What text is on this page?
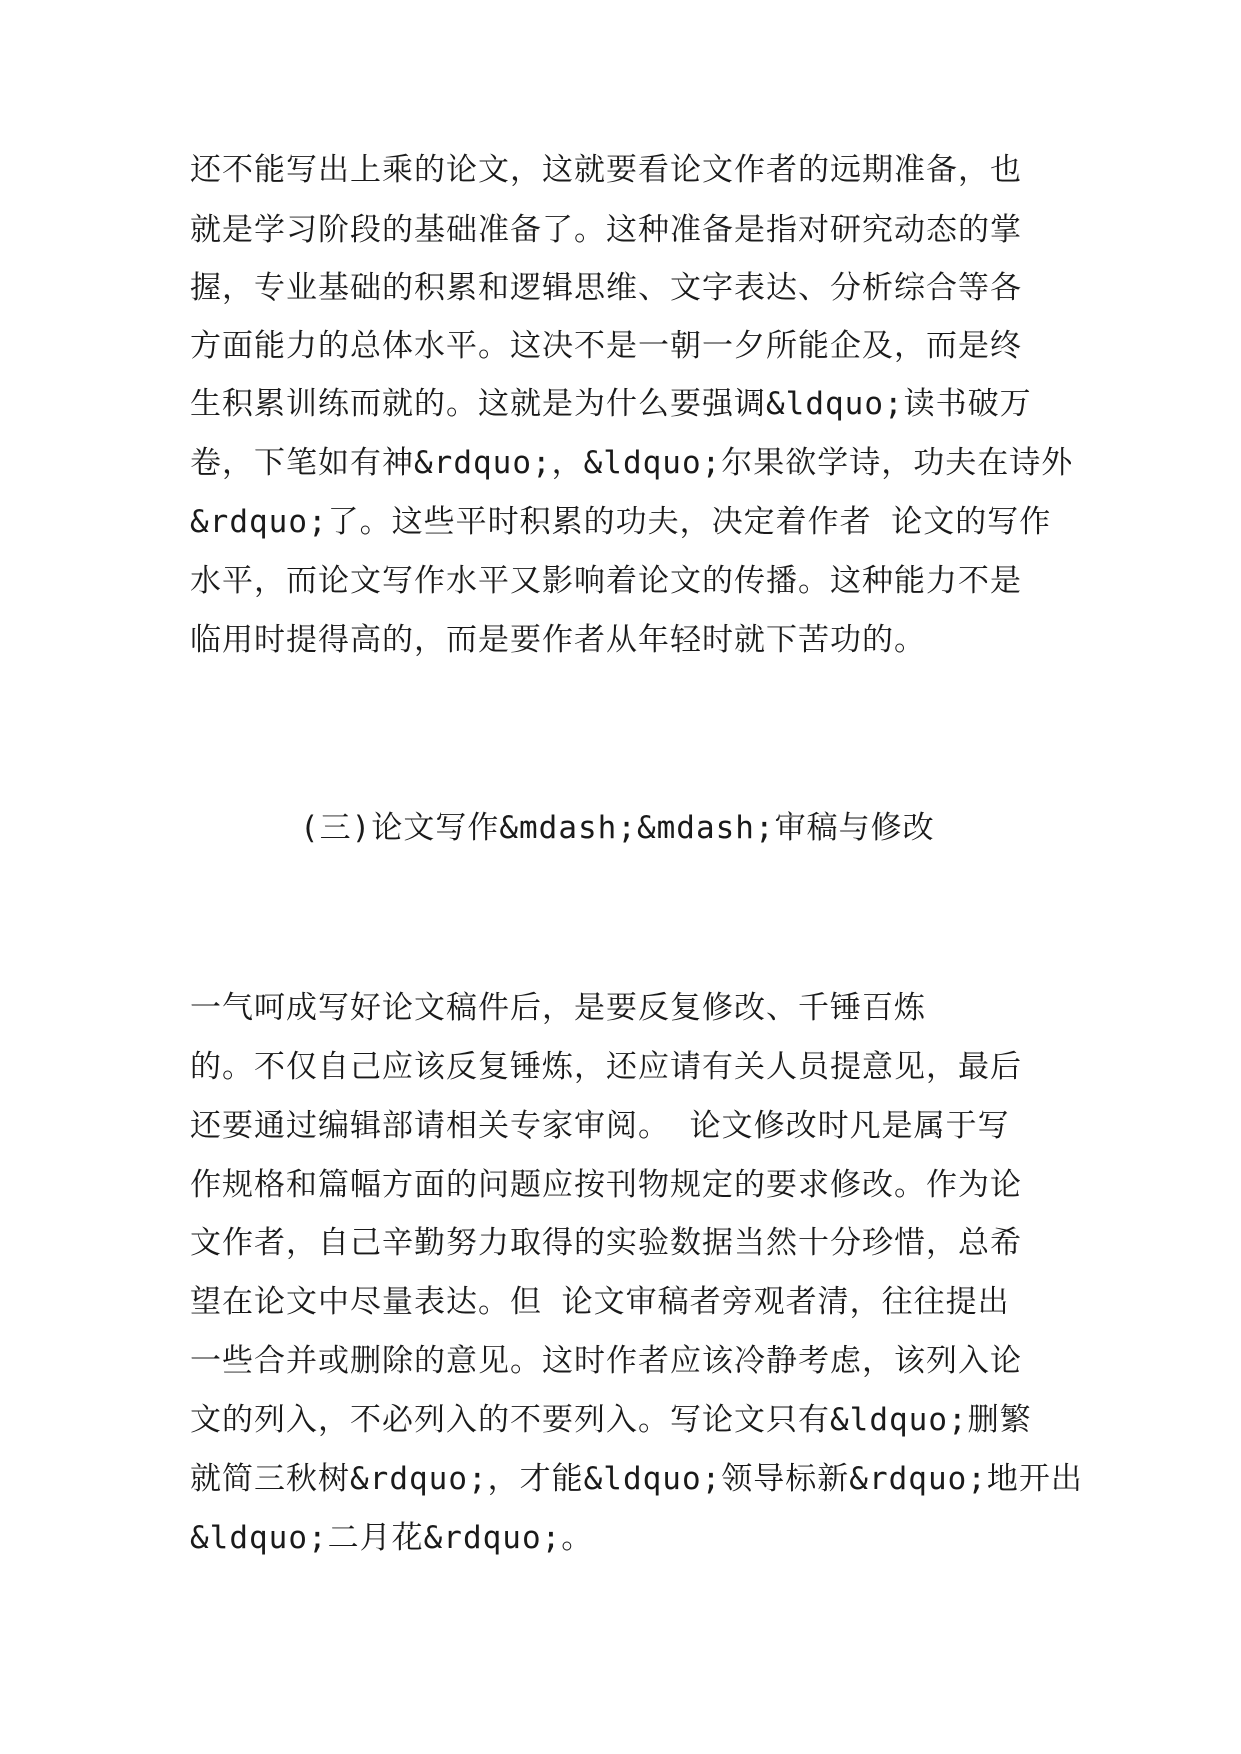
还不能写出上乘的论文，这就要看论文作者的远期准备，也
就是学习阶段的基础准备了。这种准备是指对研究动态的掌
握，专业基础的积累和逻辑思维、文字表达、分析综合等各
方面能力的总体水平。这决不是一朝一夕所能企及，而是终
生积累训练而就的。这就是为什么要强调&ldquo;读书破万
卷，下笔如有神&rdquo;，&ldquo;尔果欲学诗，功夫在诗外
&rdquo;了。这些平时积累的功夫，决定着作者 论文的写作
水平，而论文写作水平又影响着论文的传播。这种能力不是
临用时提得高的，而是要作者从年轻时就下苦功的。
(三)论文写作&mdash;&mdash;审稿与修改
一气呵成写好论文稿件后，是要反复修改、千锤百炼
的。不仅自己应该反复锤炼，还应请有关人员提意见，最后
还要通过编辑部请相关专家审阅。 论文修改时凡是属于写
作规格和篇幅方面的问题应按刊物规定的要求修改。作为论
文作者，自己辛勤努力取得的实验数据当然十分珍惜，总希
望在论文中尽量表达。但 论文审稿者旁观者清，往往提出
一些合并或删除的意见。这时作者应该冷静考虑，该列入论
文的列入，不必列入的不要列入。写论文只有&ldquo;删繁
就简三秋树&rdquo;，才能&ldquo;领导标新&rdquo;地开出
&ldquo;二月花&rdquo;。
